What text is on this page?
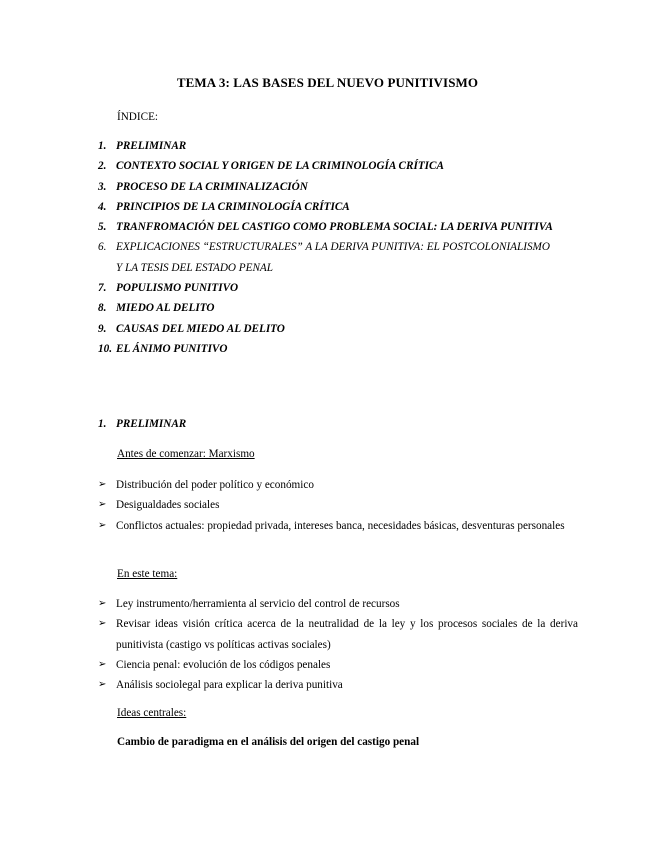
TEMA 3: LAS BASES DEL NUEVO PUNITIVISMO
ÍNDICE:
1. PRELIMINAR
2. CONTEXTO SOCIAL Y ORIGEN DE LA CRIMINOLOGÍA CRÍTICA
3. PROCESO DE LA CRIMINALIZACIÓN
4. PRINCIPIOS DE LA CRIMINOLOGÍA CRÍTICA
5. TRANFROMACIÓN DEL CASTIGO COMO PROBLEMA SOCIAL: LA DERIVA PUNITIVA
6. EXPLICACIONES “ESTRUCTURALES” A LA DERIVA PUNITIVA: EL POSTCOLONIALISMO Y LA TESIS DEL ESTADO PENAL
7. POPULISMO PUNITIVO
8. MIEDO AL DELITO
9. CAUSAS DEL MIEDO AL DELITO
10. EL ÁNIMO PUNITIVO
1. PRELIMINAR
Antes de comenzar: Marxismo
➢ Distribución del poder político y económico
➢ Desigualdades sociales
➢ Conflictos actuales: propiedad privada, intereses banca, necesidades básicas, desventuras personales
En este tema:
➢ Ley instrumento/herramienta al servicio del control de recursos
➢ Revisar ideas visión crítica acerca de la neutralidad de la ley y los procesos sociales de la deriva punitivista (castigo vs políticas activas sociales)
➢ Ciencia penal: evolución de los códigos penales
➢ Análisis sociolegal para explicar la deriva punitiva
Ideas centrales:
Cambio de paradigma en el análisis del origen del castigo penal
